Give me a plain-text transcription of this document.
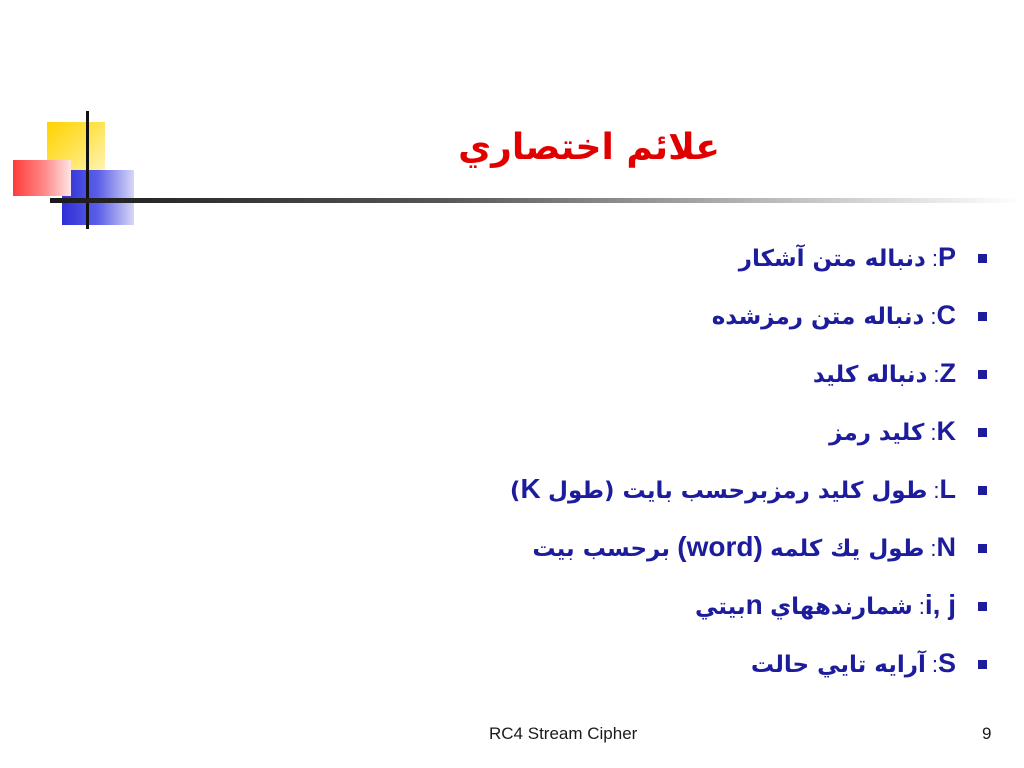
علائم اختصاري
P:دنباله متن آشكار
C:دنباله متن رمزشده
Z:دنباله كليد
K:كليد رمز
L:طول كليد رمزبرحسب بايت (طول K)
N:طول يك كلمه (word) برحسب بيت
i, j:شمارندههاي nبيتي
S:آرايه تايي حالت
RC4 Stream Cipher	9
